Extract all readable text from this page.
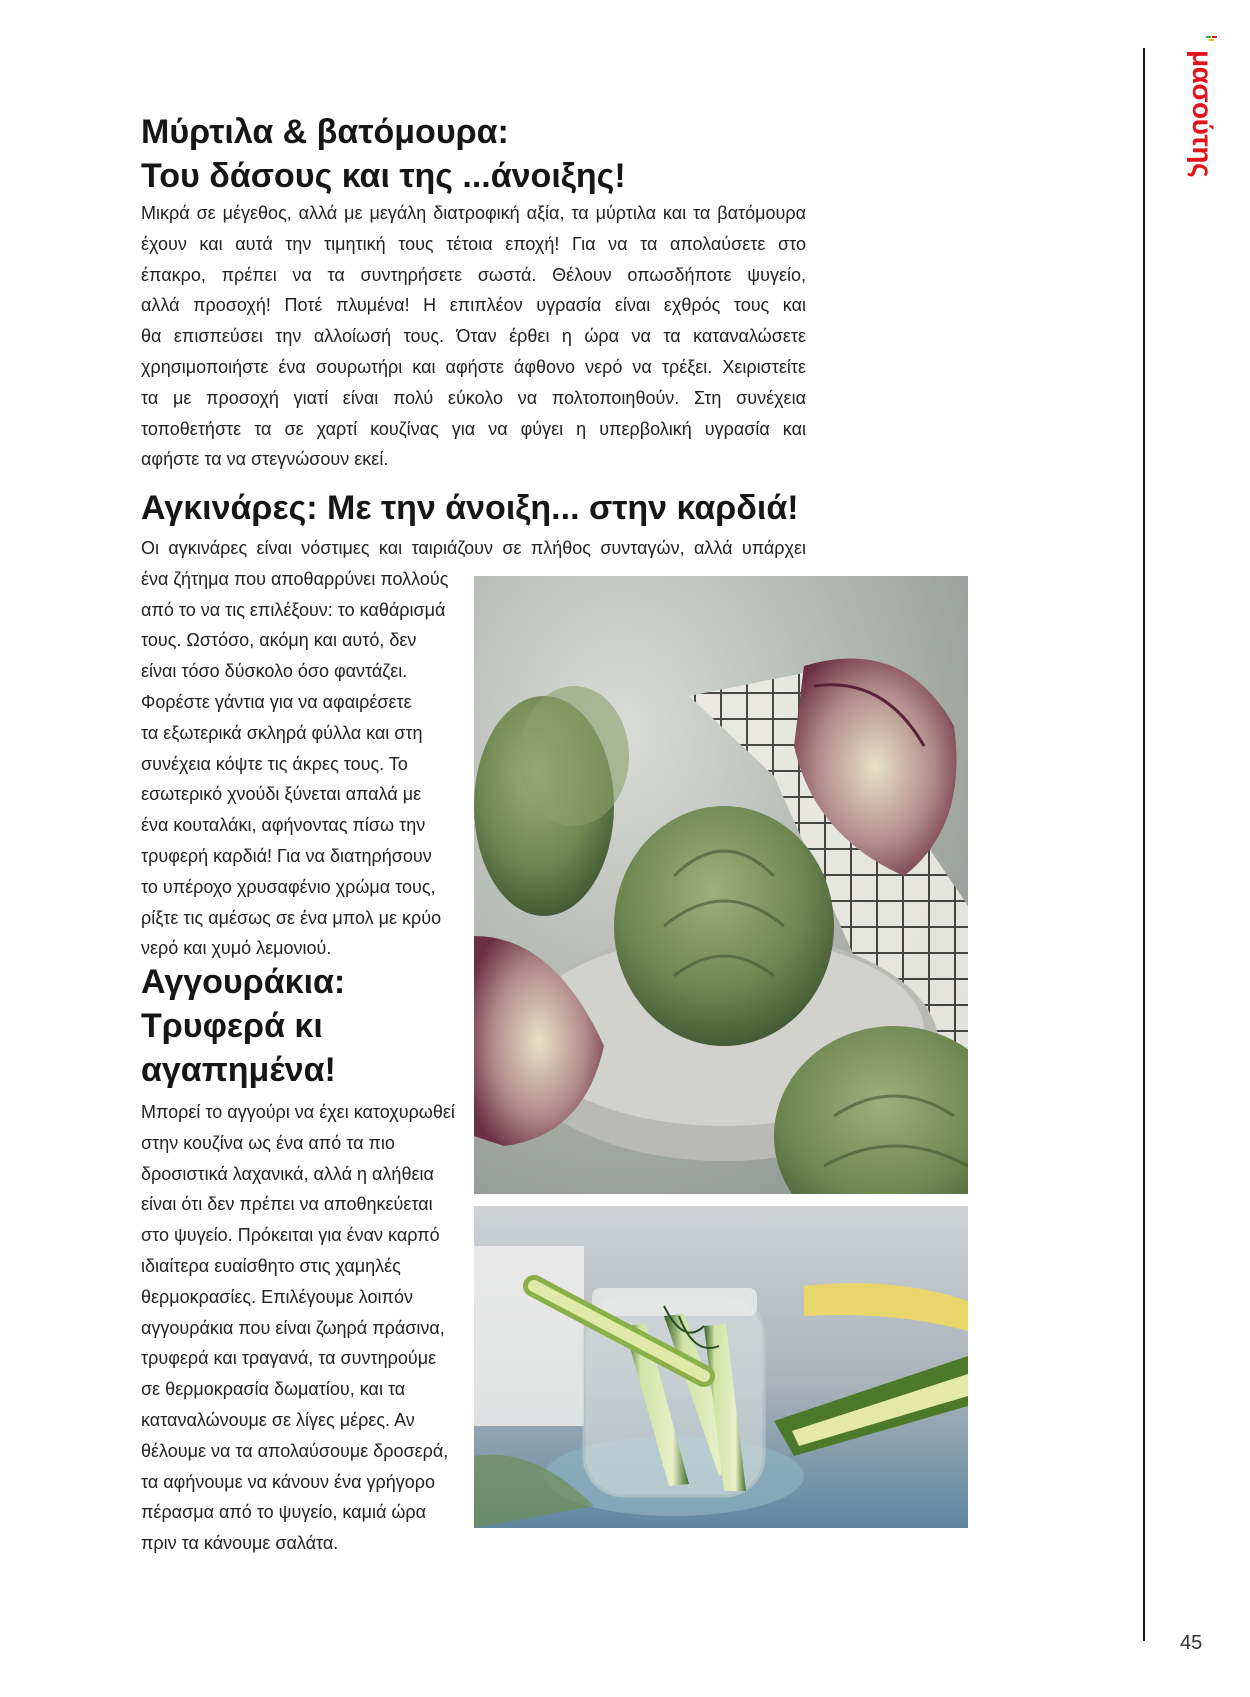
Μύρτιλα & βατόμουρα:
Του δάσους και της ...άνοιξης!
Μικρά σε μέγεθος, αλλά με μεγάλη διατροφική αξία, τα μύρτιλα και τα βατόμουρα
έχουν και αυτά την τιμητική τους τέτοια εποχή! Για να τα απολαύσετε στο
έπακρο, πρέπει να τα συντηρήσετε σωστά. Θέλουν οπωσδήποτε ψυγείο,
αλλά προσοχή! Ποτέ πλυμένα! Η επιπλέον υγρασία είναι εχθρός τους και
θα επισπεύσει την αλλοίωσή τους. Όταν έρθει η ώρα να τα καταναλώσετε
χρησιμοποιήστε ένα σουρωτήρι και αφήστε άφθονο νερό να τρέξει. Χειριστείτε
τα με προσοχή γιατί είναι πολύ εύκολο να πολτοποιηθούν. Στη συνέχεια
τοποθετήστε τα σε χαρτί κουζίνας για να φύγει η υπερβολική υγρασία και
αφήστε τα να στεγνώσουν εκεί.
Αγκινάρες: Με την άνοιξη... στην καρδιά!
Οι αγκινάρες είναι νόστιμες και ταιριάζουν σε πλήθος συνταγών, αλλά υπάρχει
ένα ζήτημα που αποθαρρύνει πολλούς
από το να τις επιλέξουν: το καθάρισμά
τους. Ωστόσο, ακόμη και αυτό, δεν
είναι τόσο δύσκολο όσο φαντάζει.
Φορέστε γάντια για να αφαιρέσετε
τα εξωτερικά σκληρά φύλλα και στη
συνέχεια κόψτε τις άκρες τους. Το
εσωτερικό χνούδι ξύνεται απαλά με
ένα κουταλάκι, αφήνοντας πίσω την
τρυφερή καρδιά! Για να διατηρήσουν
το υπέροχο χρυσαφένιο χρώμα τους,
ρίξτε τις αμέσως σε ένα μπολ με κρύο
νερό και χυμό λεμονιού.
Αγγουράκια:
Τρυφερά κι
αγαπημένα!
Μπορεί το αγγούρι να έχει κατοχυρωθεί
στην κουζίνα ως ένα από τα πιο
δροσιστικά λαχανικά, αλλά η αλήθεια
είναι ότι δεν πρέπει να αποθηκεύεται
στο ψυγείο. Πρόκειται για έναν καρπό
ιδιαίτερα ευαίσθητο στις χαμηλές
θερμοκρασίες. Επιλέγουμε λοιπόν
αγγουράκια που είναι ζωηρά πράσινα,
τρυφερά και τραγανά, τα συντηρούμε
σε θερμοκρασία δωματίου, και τα
καταναλώνουμε σε λίγες μέρες. Αν
θέλουμε να τα απολαύσουμε δροσερά,
τα αφήνουμε να κάνουν ένα γρήγορο
πέρασμα από το ψυγείο, καμιά ώρα
πριν τα κάνουμε σαλάτα.
μασούτης
45
